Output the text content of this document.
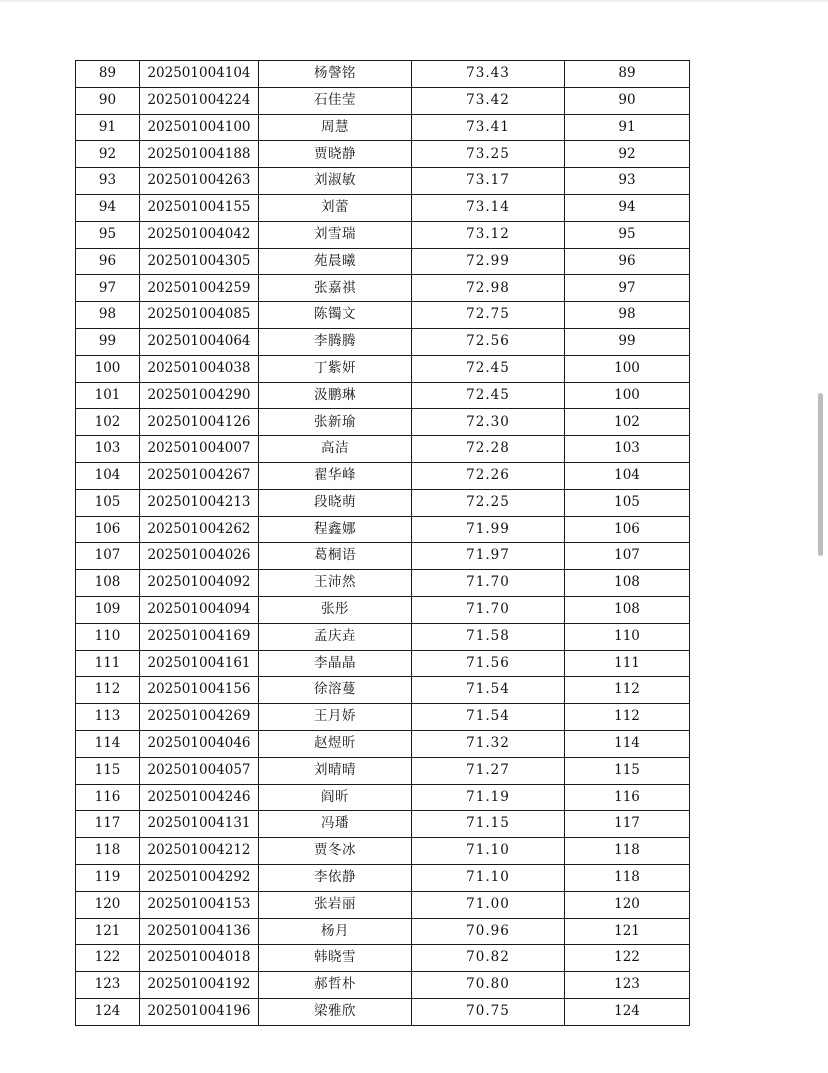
89	202501004104	杨謦铭	73.43	89
90	202501004224	石佳莹	73.42	90
91	202501004100	周慧	73.41	91
92	202501004188	贾晓静	73.25	92
93	202501004263	刘淑敏	73.17	93
94	202501004155	刘蕾	73.14	94
95	202501004042	刘雪瑞	73.12	95
96	202501004305	苑晨曦	72.99	96
97	202501004259	张嘉祺	72.98	97
98	202501004085	陈镯文	72.75	98
99	202501004064	李腾腾	72.56	99
100	202501004038	丁紫妍	72.45	100
101	202501004290	汲鹏琳	72.45	100
102	202501004126	张新瑜	72.30	102
103	202501004007	高洁	72.28	103
104	202501004267	翟华峰	72.26	104
105	202501004213	段晓萌	72.25	105
106	202501004262	程鑫娜	71.99	106
107	202501004026	葛桐语	71.97	107
108	202501004092	王沛然	71.70	108
109	202501004094	张彤	71.70	108
110	202501004169	孟庆垚	71.58	110
111	202501004161	李晶晶	71.56	111
112	202501004156	徐溶蔓	71.54	112
113	202501004269	王月娇	71.54	112
114	202501004046	赵煜昕	71.32	114
115	202501004057	刘晴晴	71.27	115
116	202501004246	阎昕	71.19	116
117	202501004131	冯璠	71.15	117
118	202501004212	贾冬冰	71.10	118
119	202501004292	李依静	71.10	118
120	202501004153	张岩丽	71.00	120
121	202501004136	杨月	70.96	121
122	202501004018	韩晓雪	70.82	122
123	202501004192	郝哲朴	70.80	123
124	202501004196	梁雅欣	70.75	124
